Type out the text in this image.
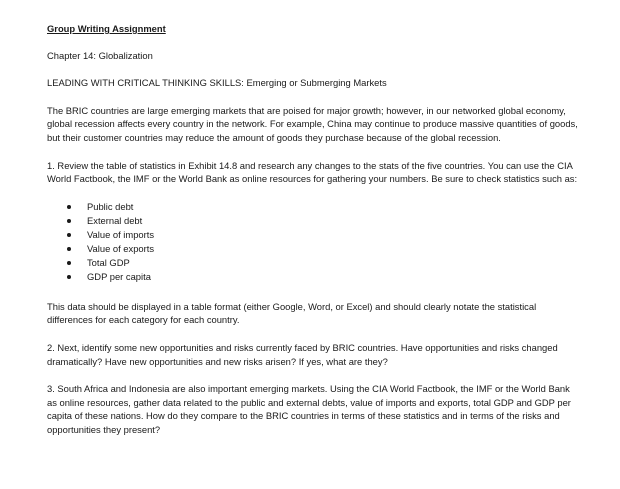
Group Writing Assignment

Chapter 14: Globalization

LEADING WITH CRITICAL THINKING SKILLS: Emerging or Submerging Markets

The BRIC countries are large emerging markets that are poised for major growth; however, in our networked global economy, global recession affects every country in the network. For example, China may continue to produce massive quantities of goods, but their customer countries may reduce the amount of goods they purchase because of the global recession.

1. Review the table of statistics in Exhibit 14.8 and research any changes to the stats of the five countries. You can use the CIA World Factbook, the IMF or the World Bank as online resources for gathering your numbers. Be sure to check statistics such as:

Public debt
External debt
Value of imports
Value of exports
Total GDP
GDP per capita

This data should be displayed in a table format (either Google, Word, or Excel) and should clearly notate the statistical differences for each category for each country.

2. Next, identify some new opportunities and risks currently faced by BRIC countries. Have opportunities and risks changed dramatically? Have new opportunities and new risks arisen? If yes, what are they?

3. South Africa and Indonesia are also important emerging markets. Using the CIA World Factbook, the IMF or the World Bank as online resources, gather data related to the public and external debts, value of imports and exports, total GDP and GDP per capita of these nations. How do they compare to the BRIC countries in terms of these statistics and in terms of the risks and opportunities they present?
